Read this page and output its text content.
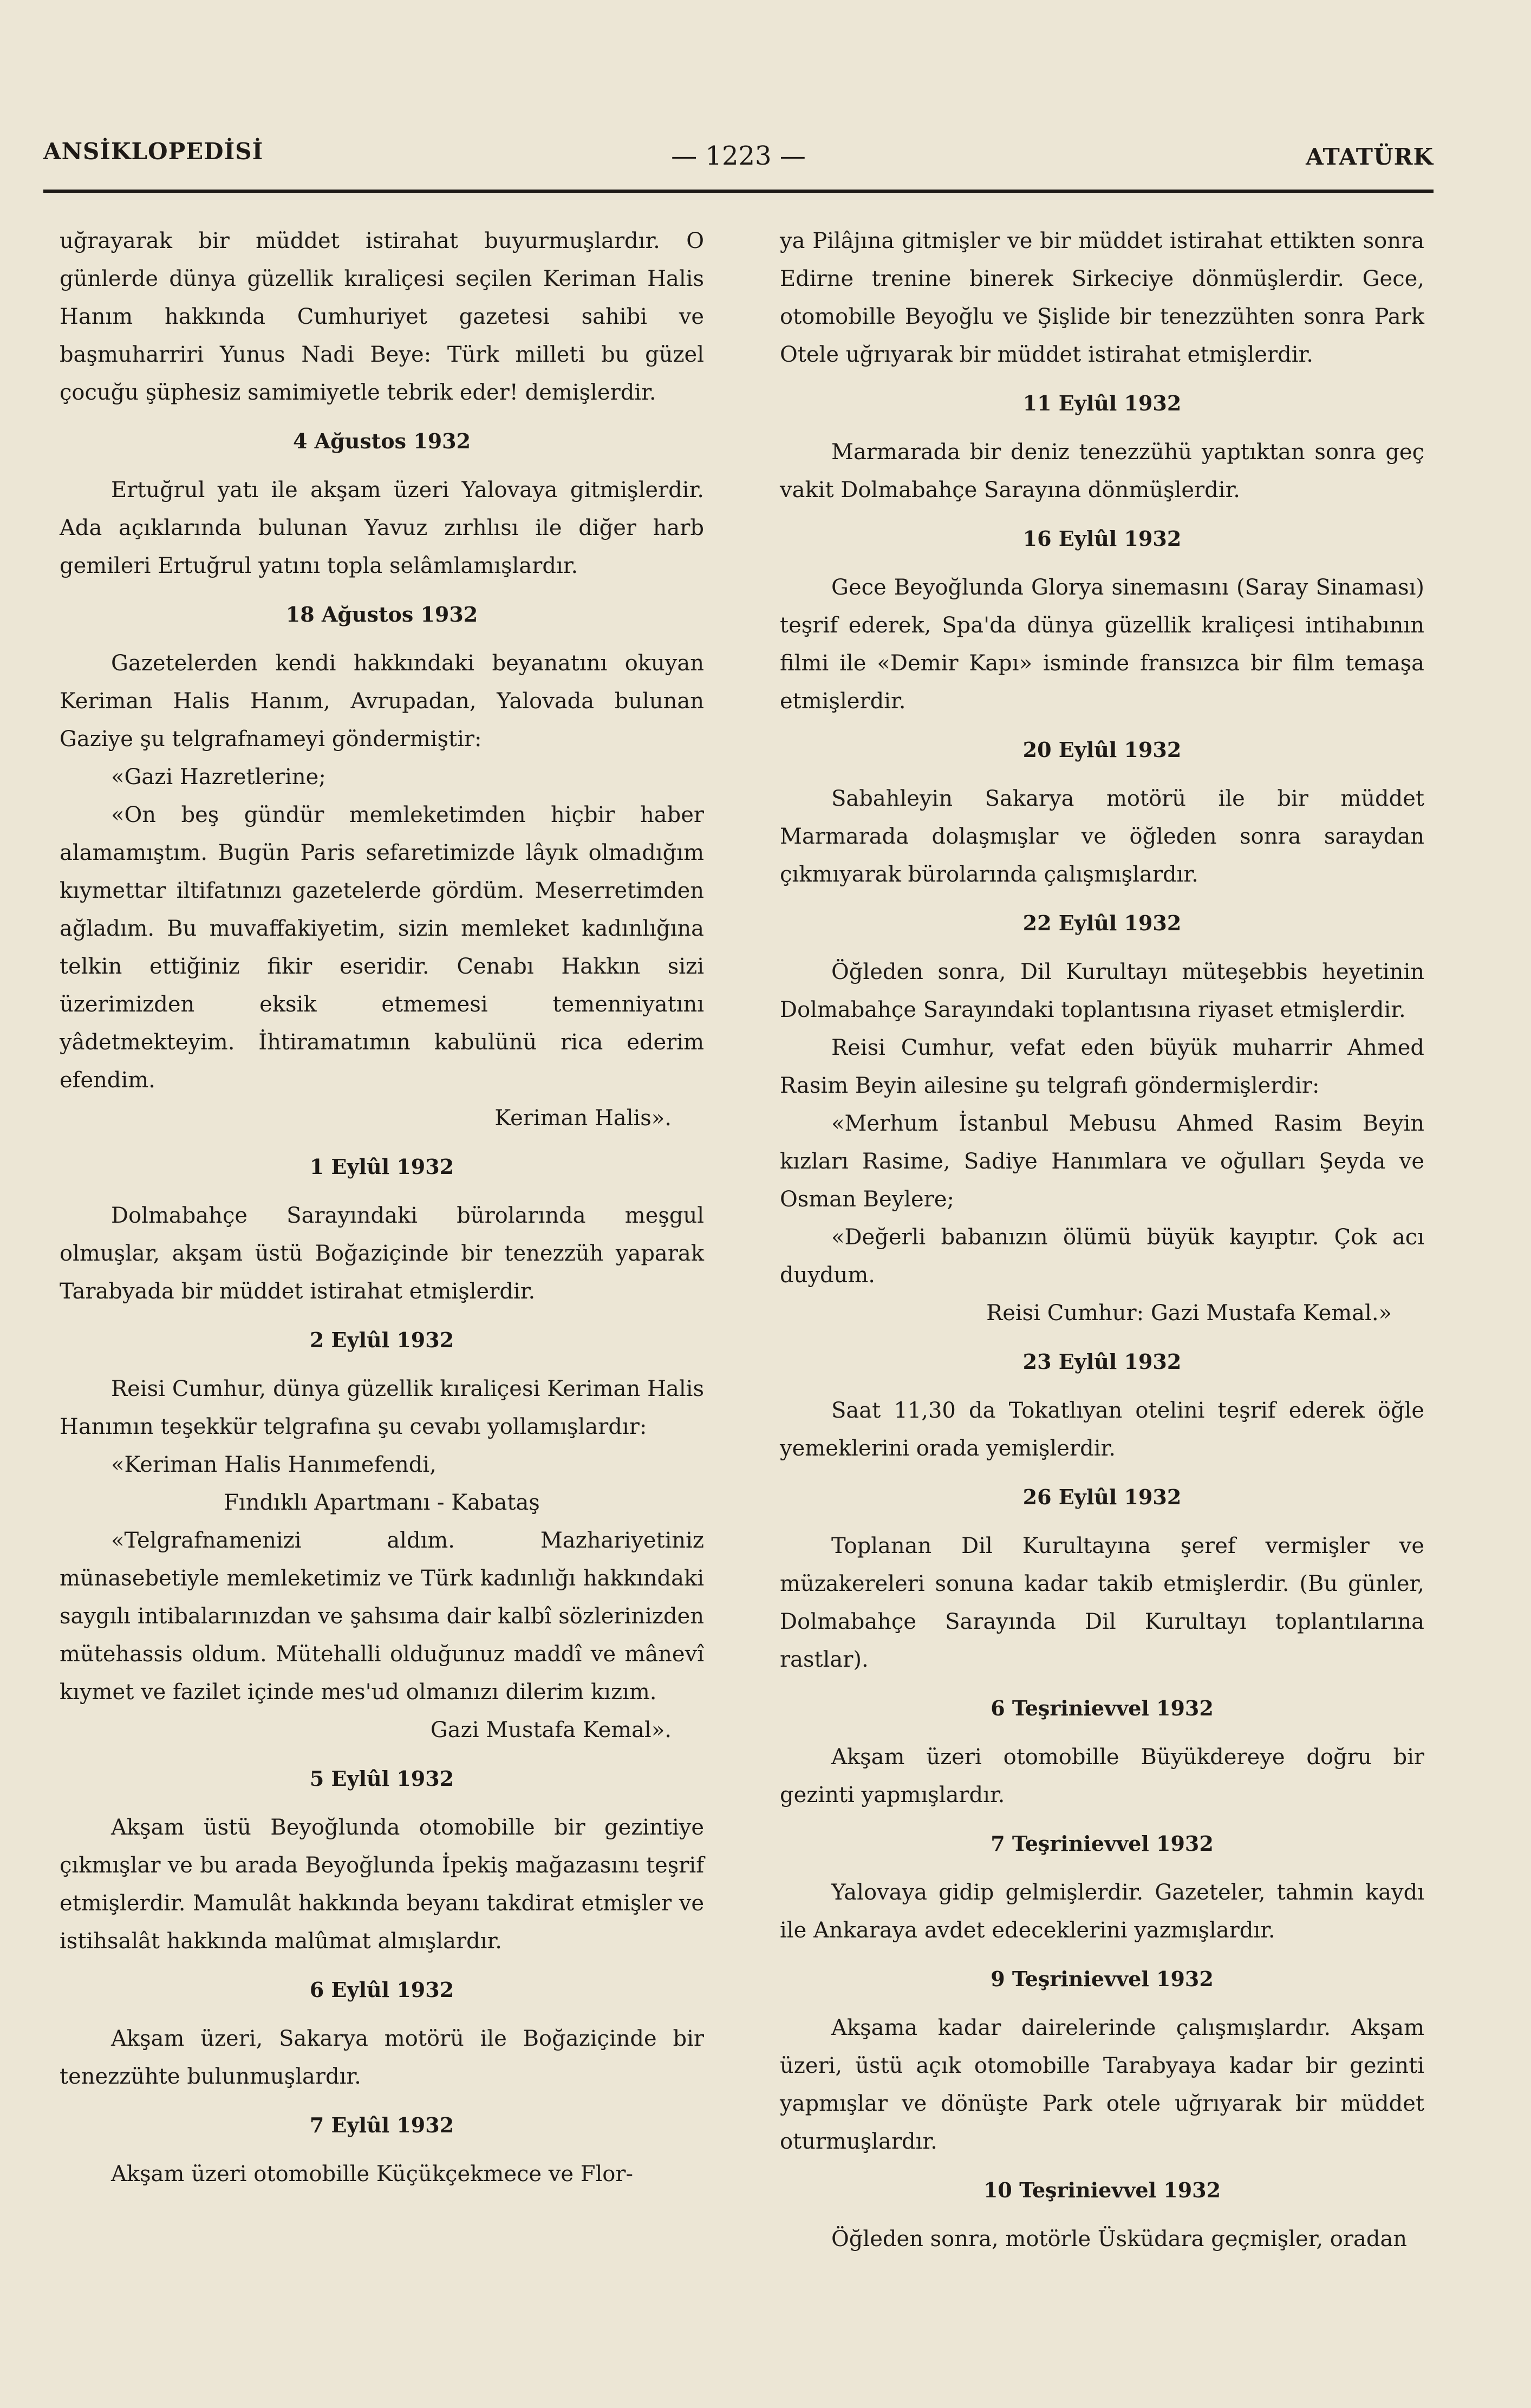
ANSİKLOPEDİSİ	— 1223 —	ATATÜRK

uğrayarak bir müddet istirahat buyurmuşlardır. O günlerde dünya güzellik kıraliçesi seçilen Keriman Halis Hanım hakkında Cumhuriyet gazetesi sahibi ve başmuharriri Yunus Nadi Beye: Türk milleti bu güzel çocuğu şüphesiz samimiyetle tebrik eder! demişlerdir.

4 Ağustos 1932

Ertuğrul yatı ile akşam üzeri Yalovaya gitmişlerdir. Ada açıklarında bulunan Yavuz zırhlısı ile diğer harb gemileri Ertuğrul yatını topla selâmlamışlardır.

18 Ağustos 1932

Gazetelerden kendi hakkındaki beyanatını okuyan Keriman Halis Hanım, Avrupadan, Yalovada bulunan Gaziye şu telgrafnameyi göndermiştir:

«Gazi Hazretlerine;

«On beş gündür memleketimden hiçbir haber alamamıştım. Bugün Paris sefaretimizde lâyık olmadığım kıymettar iltifatınızı gazetelerde gördüm. Meserretimden ağladım. Bu muvaffakiyetim, sizin memleket kadınlığına telkin ettiğiniz fikir eseridir. Cenabı Hakkın sizi üzerimizden eksik etmemesi temenniyatını yâdetmekteyim. İhtiramatımın kabulünü rica ederim efendim.

Keriman Halis».

1 Eylûl 1932

Dolmabahçe Sarayındaki bürolarında meşgul olmuşlar, akşam üstü Boğaziçinde bir tenezzüh yaparak Tarabyada bir müddet istirahat etmişlerdir.

2 Eylûl 1932

Reisi Cumhur, dünya güzellik kıraliçesi Keriman Halis Hanımın teşekkür telgrafına şu cevabı yollamışlardır:

«Keriman Halis Hanımefendi,

Fındıklı Apartmanı - Kabataş

«Telgrafnamenizi aldım. Mazhariyetiniz münasebetiyle memleketimiz ve Türk kadınlığı hakkındaki saygılı intibalarınızdan ve şahsıma dair kalbî sözlerinizden mütehassis oldum. Mütehalli olduğunuz maddî ve mânevî kıymet ve fazilet içinde mes'ud olmanızı dilerim kızım.

Gazi Mustafa Kemal».

5 Eylûl 1932

Akşam üstü Beyoğlunda otomobille bir gezintiye çıkmışlar ve bu arada Beyoğlunda İpekiş mağazasını teşrif etmişlerdir. Mamulât hakkında beyanı takdirat etmişler ve istihsalât hakkında malûmat almışlardır.

6 Eylûl 1932

Akşam üzeri, Sakarya motörü ile Boğaziçinde bir tenezzühte bulunmuşlardır.

7 Eylûl 1932

Akşam üzeri otomobille Küçükçekmece ve Flor-

ya Pilâjına gitmişler ve bir müddet istirahat ettikten sonra Edirne trenine binerek Sirkeciye dönmüşlerdir. Gece, otomobille Beyoğlu ve Şişlide bir tenezzühten sonra Park Otele uğrıyarak bir müddet istirahat etmişlerdir.

11 Eylûl 1932

Marmarada bir deniz tenezzühü yaptıktan sonra geç vakit Dolmabahçe Sarayına dönmüşlerdir.

16 Eylûl 1932

Gece Beyoğlunda Glorya sinemasını (Saray Sinaması) teşrif ederek, Spa'da dünya güzellik kraliçesi intihabının filmi ile «Demir Kapı» isminde fransızca bir film temaşa etmişlerdir.

20 Eylûl 1932

Sabahleyin Sakarya motörü ile bir müddet Marmarada dolaşmışlar ve öğleden sonra saraydan çıkmıyarak bürolarında çalışmışlardır.

22 Eylûl 1932

Öğleden sonra, Dil Kurultayı müteşebbis heyetinin Dolmabahçe Sarayındaki toplantısına riyaset etmişlerdir.

Reisi Cumhur, vefat eden büyük muharrir Ahmed Rasim Beyin ailesine şu telgrafı göndermişlerdir:

«Merhum İstanbul Mebusu Ahmed Rasim Beyin kızları Rasime, Sadiye Hanımlara ve oğulları Şeyda ve Osman Beylere;

«Değerli babanızın ölümü büyük kayıptır. Çok acı duydum.

Reisi Cumhur: Gazi Mustafa Kemal.»

23 Eylûl 1932

Saat 11,30 da Tokatlıyan otelini teşrif ederek öğle yemeklerini orada yemişlerdir.

26 Eylûl 1932

Toplanan Dil Kurultayına şeref vermişler ve müzakereleri sonuna kadar takib etmişlerdir. (Bu günler, Dolmabahçe Sarayında Dil Kurultayı toplantılarına rastlar).

6 Teşrinievvel 1932

Akşam üzeri otomobille Büyükdereye doğru bir gezinti yapmışlardır.

7 Teşrinievvel 1932

Yalovaya gidip gelmişlerdir. Gazeteler, tahmin kaydı ile Ankaraya avdet edeceklerini yazmışlardır.

9 Teşrinievvel 1932

Akşama kadar dairelerinde çalışmışlardır. Akşam üzeri, üstü açık otomobille Tarabyaya kadar bir gezinti yapmışlar ve dönüşte Park otele uğrıyarak bir müddet oturmuşlardır.

10 Teşrinievvel 1932

Öğleden sonra, motörle Üsküdara geçmişler, oradan
